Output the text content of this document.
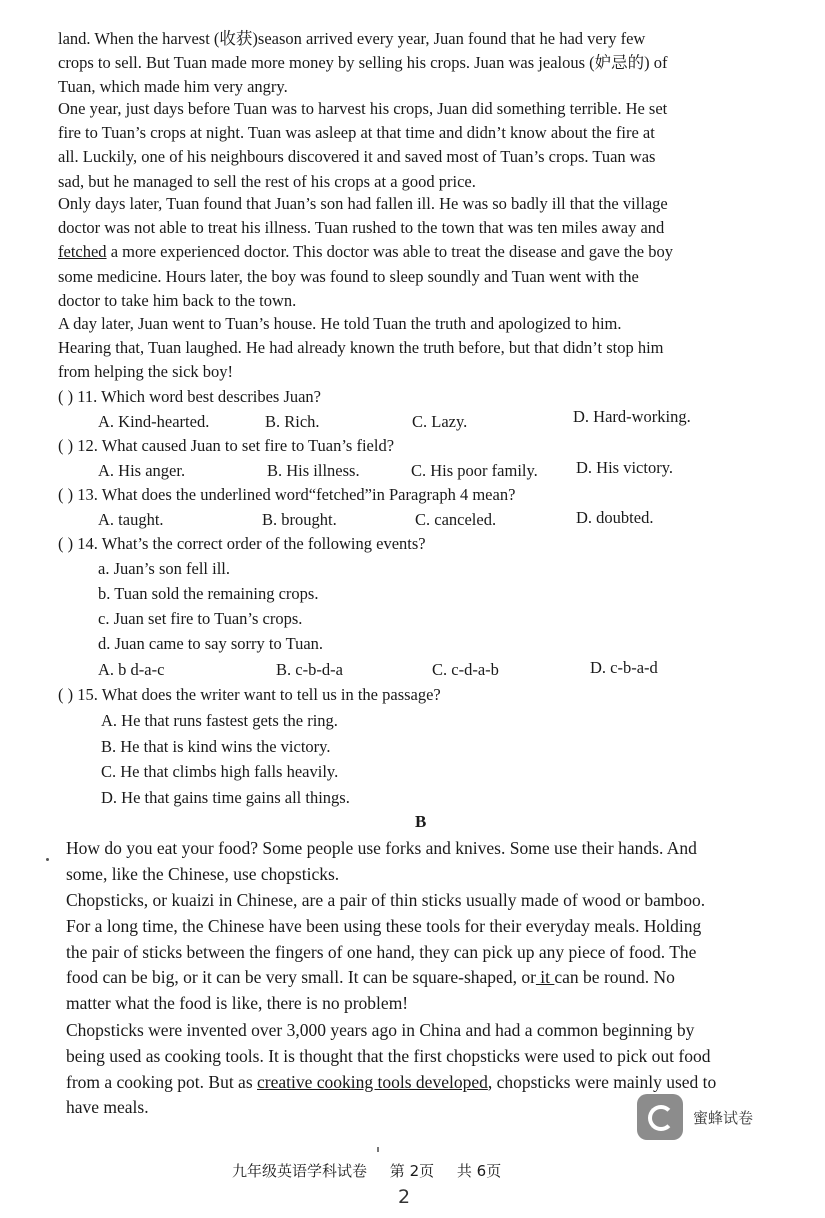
land. When the harvest (收获)season arrived every year, Juan found that he had very few
crops to sell. But Tuan made more money by selling his crops. Juan was jealous (妒忌的) of
Tuan, which made him very angry.
One year, just days before Tuan was to harvest his crops, Juan did something terrible. He set
fire to Tuan’s crops at night. Tuan was asleep at that time and didn’t know about the fire at
all. Luckily, one of his neighbours discovered it and saved most of Tuan’s crops. Tuan was
sad, but he managed to sell the rest of his crops at a good price.
Only days later, Tuan found that Juan’s son had fallen ill. He was so badly ill that the village
doctor was not able to treat his illness. Tuan rushed to the town that was ten miles away and
fetched a more experienced doctor. This doctor was able to treat the disease and gave the boy
some medicine. Hours later, the boy was found to sleep soundly and Tuan went with the
doctor to take him back to the town.
A day later, Juan went to Tuan’s house. He told Tuan the truth and apologized to him.
Hearing that, Tuan laughed. He had already known the truth before, but that didn’t stop him
from helping the sick boy!
( ) 11. Which word best describes Juan?
A. Kind-hearted.	B. Rich.	C. Lazy.	D. Hard-working.
( ) 12. What caused Juan to set fire to Tuan’s field?
A. His anger.	B. His illness.	C. His poor family. D. His victory.
( ) 13. What does the underlined word“fetched”in Paragraph 4 mean?
A. taught.	B. brought.	C. canceled.	D. doubted.
( ) 14. What’s the correct order of the following events?
a. Juan’s son fell ill.
b. Tuan sold the remaining crops.
c. Juan set fire to Tuan’s crops.
d. Juan came to say sorry to Tuan.
A. b d-a-c	B. c-b-d-a	C. c-d-a-b	D. c-b-a-d
( ) 15. What does the writer want to tell us in the passage?
A. He that runs fastest gets the ring.
B. He that is kind wins the victory.
C. He that climbs high falls heavily.
D. He that gains time gains all things.
B
How do you eat your food? Some people use forks and knives. Some use their hands. And
some, like the Chinese, use chopsticks.
Chopsticks, or kuaizi in Chinese, are a pair of thin sticks usually made of wood or bamboo.
For a long time, the Chinese have been using these tools for their everyday meals. Holding
the pair of sticks between the fingers of one hand, they can pick up any piece of food. The
food can be big, or it can be very small. It can be square-shaped, or it can be round. No
matter what the food is like, there is no problem!
Chopsticks were invented over 3,000 years ago in China and had a common beginning by
being used as cooking tools. It is thought that the first chopsticks were used to pick out food
from a cooking pot. But as creative cooking tools developed, chopsticks were mainly used to
have meals.
蜜蜂试卷
九年级英语学科试卷 第 2页 共 6页
2
